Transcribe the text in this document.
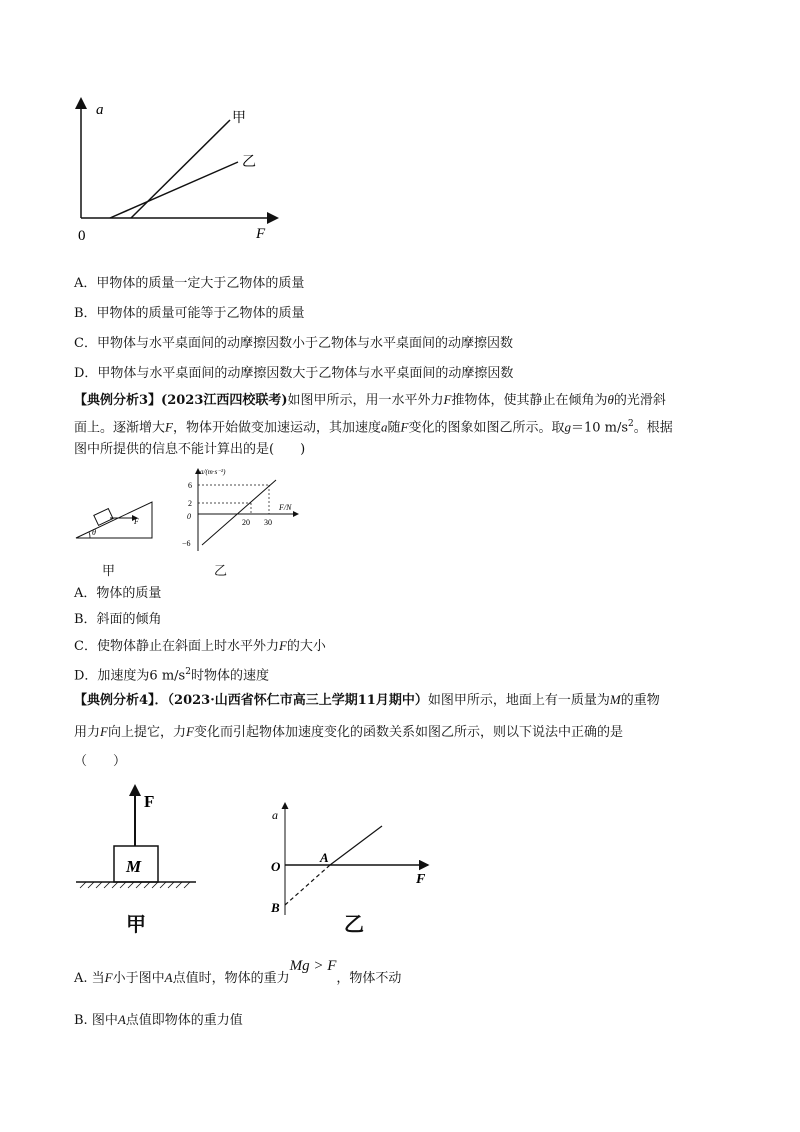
a
F
0
甲
乙
A．甲物体的质量一定大于乙物体的质量
B．甲物体的质量可能等于乙物体的质量
C．甲物体与水平桌面间的动摩擦因数小于乙物体与水平桌面间的动摩擦因数
D．甲物体与水平桌面间的动摩擦因数大于乙物体与水平桌面间的动摩擦因数
【典例分析3】(2023江西四校联考)如图甲所示，用一水平外力F推物体，使其静止在倾角为θ的光滑斜
面上。逐渐增大F，物体开始做变加速运动，其加速度a随F变化的图象如图乙所示。取g＝10 $m/s^2$。根据
图中所提供的信息不能计算出的是(　　)
F
θ
a/(m·s⁻²)
F/N
6
2
0
−6
20 30
甲	乙
A．物体的质量
B．斜面的倾角
C．使物体静止在斜面上时水平外力F的大小
D．加速度为6 $m/s^2$时物体的速度
【典例分析4】．（2023·山西省怀仁市高三上学期11月期中）如图甲所示，地面上有一质量为M的重物
用力F向上提它，力F变化而引起物体加速度变化的函数关系如图乙所示，则以下说法中正确的是
（　　）
F
M
甲
a
F
O
A
B
乙
A. 当F小于图中A点值时，物体的重力Mg > F，物体不动
B. 图中A点值即物体的重力值
